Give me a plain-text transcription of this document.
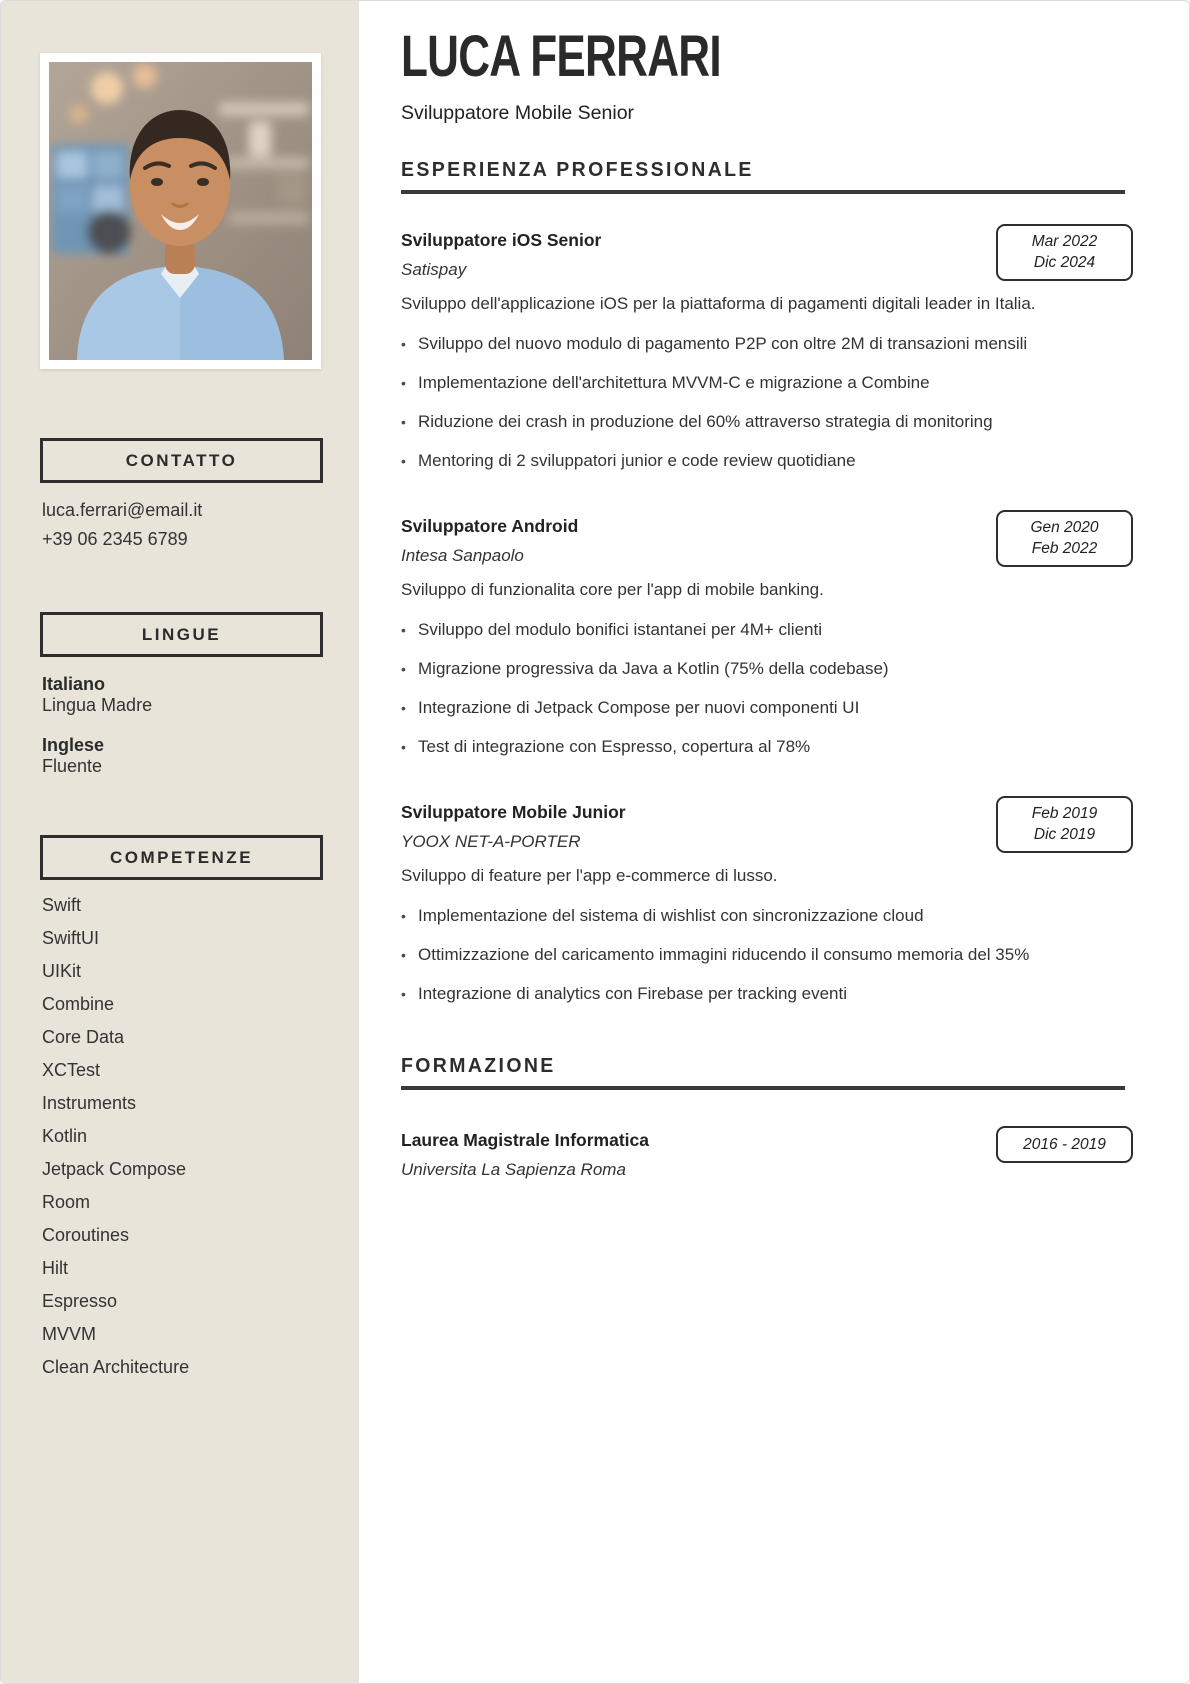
CONTATTO
luca.ferrari@email.it
+39 06 2345 6789
LINGUE
Italiano
Lingua Madre
Inglese
Fluente
COMPETENZE
Swift
SwiftUI
UIKit
Combine
Core Data
XCTest
Instruments
Kotlin
Jetpack Compose
Room
Coroutines
Hilt
Espresso
MVVM
Clean Architecture
LUCA FERRARI
Sviluppatore Mobile Senior
ESPERIENZA PROFESSIONALE
Mar 2022
Dic 2024
Sviluppatore iOS Senior
Satispay

Sviluppo dell'applicazione iOS per la piattaforma di pagamenti digitali leader in Italia.

•
Sviluppo del nuovo modulo di pagamento P2P con oltre 2M di transazioni mensili
•
Implementazione dell'architettura MVVM-C e migrazione a Combine
•
Riduzione dei crash in produzione del 60% attraverso strategia di monitoring
•
Mentoring di 2 sviluppatori junior e code review quotidiane
Gen 2020
Feb 2022
Sviluppatore Android
Intesa Sanpaolo

Sviluppo di funzionalita core per l'app di mobile banking.

•
Sviluppo del modulo bonifici istantanei per 4M+ clienti
•
Migrazione progressiva da Java a Kotlin (75% della codebase)
•
Integrazione di Jetpack Compose per nuovi componenti UI
•
Test di integrazione con Espresso, copertura al 78%
Feb 2019
Dic 2019
Sviluppatore Mobile Junior
YOOX NET-A-PORTER

Sviluppo di feature per l'app e-commerce di lusso.

•
Implementazione del sistema di wishlist con sincronizzazione cloud
•
Ottimizzazione del caricamento immagini riducendo il consumo memoria del 35%
•
Integrazione di analytics con Firebase per tracking eventi
FORMAZIONE
2016 - 2019
Laurea Magistrale Informatica
Universita La Sapienza Roma
